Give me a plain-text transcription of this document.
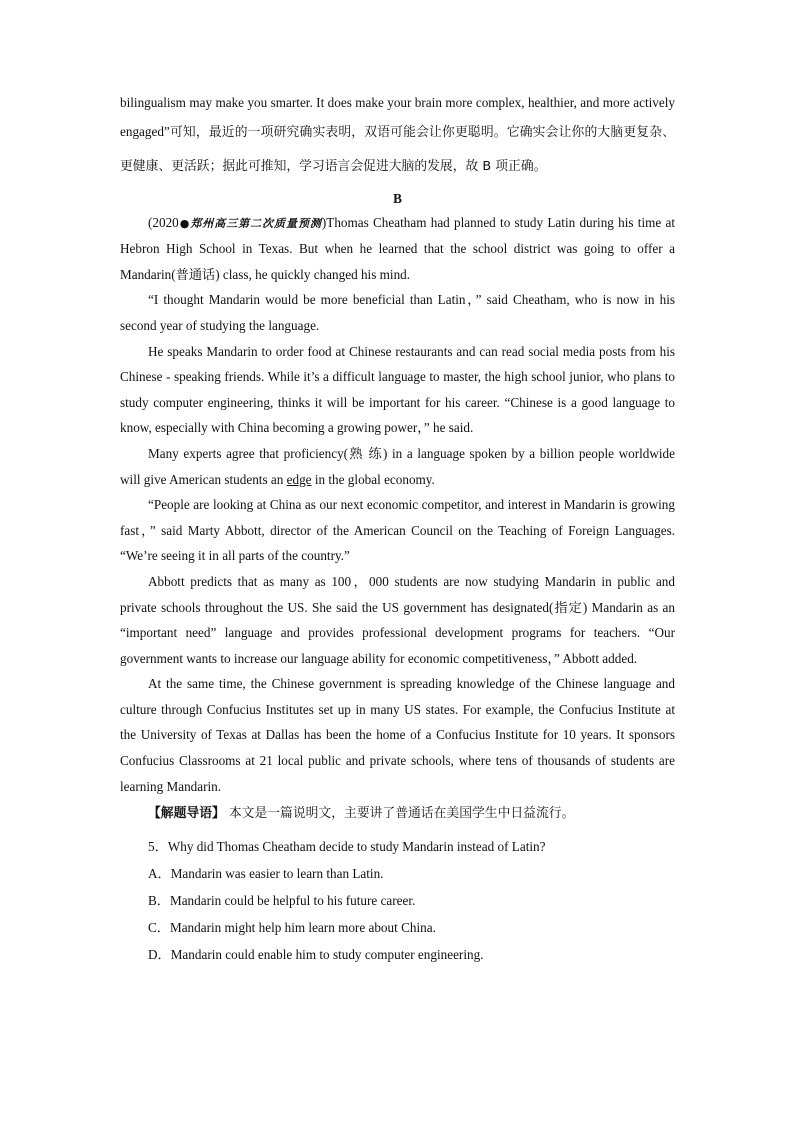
bilingualism may make you smarter. It does make your brain more complex, healthier, and more actively engaged”可知，最近的一项研究确实表明，双语可能会让你更聪明。它确实会让你的大脑更复杂、更健康、更活跃；据此可推知，学习语言会促进大脑的发展，故 B 项正确。

B

(2020●郑州高三第二次质量预测)Thomas Cheatham had planned to study Latin during his time at Hebron High School in Texas. But when he learned that the school district was going to offer a Mandarin(普通话) class, he quickly changed his mind.

“I thought Mandarin would be more beneficial than Latin，” said Cheatham, who is now in his second year of studying the language.

He speaks Mandarin to order food at Chinese restaurants and can read social media posts from his Chinese - speaking friends. While it’s a difficult language to master, the high school junior, who plans to study computer engineering, thinks it will be important for his career. “Chinese is a good language to know, especially with China becoming a growing power，” he said.

Many experts agree that proficiency(熟 练) in a language spoken by a billion people worldwide will give American students an edge in the global economy.

“People are looking at China as our next economic competitor, and interest in Mandarin is growing fast，” said Marty Abbott, director of the American Council on the Teaching of Foreign Languages. “We’re seeing it in all parts of the country.”

Abbott predicts that as many as 100，000 students are now studying Mandarin in public and private schools throughout the US. She said the US government has designated(指定) Mandarin as an “important need” language and provides professional development programs for teachers. “Our government wants to increase our language ability for economic competitiveness，” Abbott added.

At the same time, the Chinese government is spreading knowledge of the Chinese language and culture through Confucius Institutes set up in many US states. For example, the Confucius Institute at the University of Texas at Dallas has been the home of a Confucius Institute for 10 years. It sponsors Confucius Classrooms at 21 local public and private schools, where tens of thousands of students are learning Mandarin.

【解题导语】 本文是一篇说明文，主要讲了普通话在美国学生中日益流行。

5．Why did Thomas Cheatham decide to study Mandarin instead of Latin?

A．Mandarin was easier to learn than Latin.

B．Mandarin could be helpful to his future career.

C．Mandarin might help him learn more about China.

D．Mandarin could enable him to study computer engineering.
